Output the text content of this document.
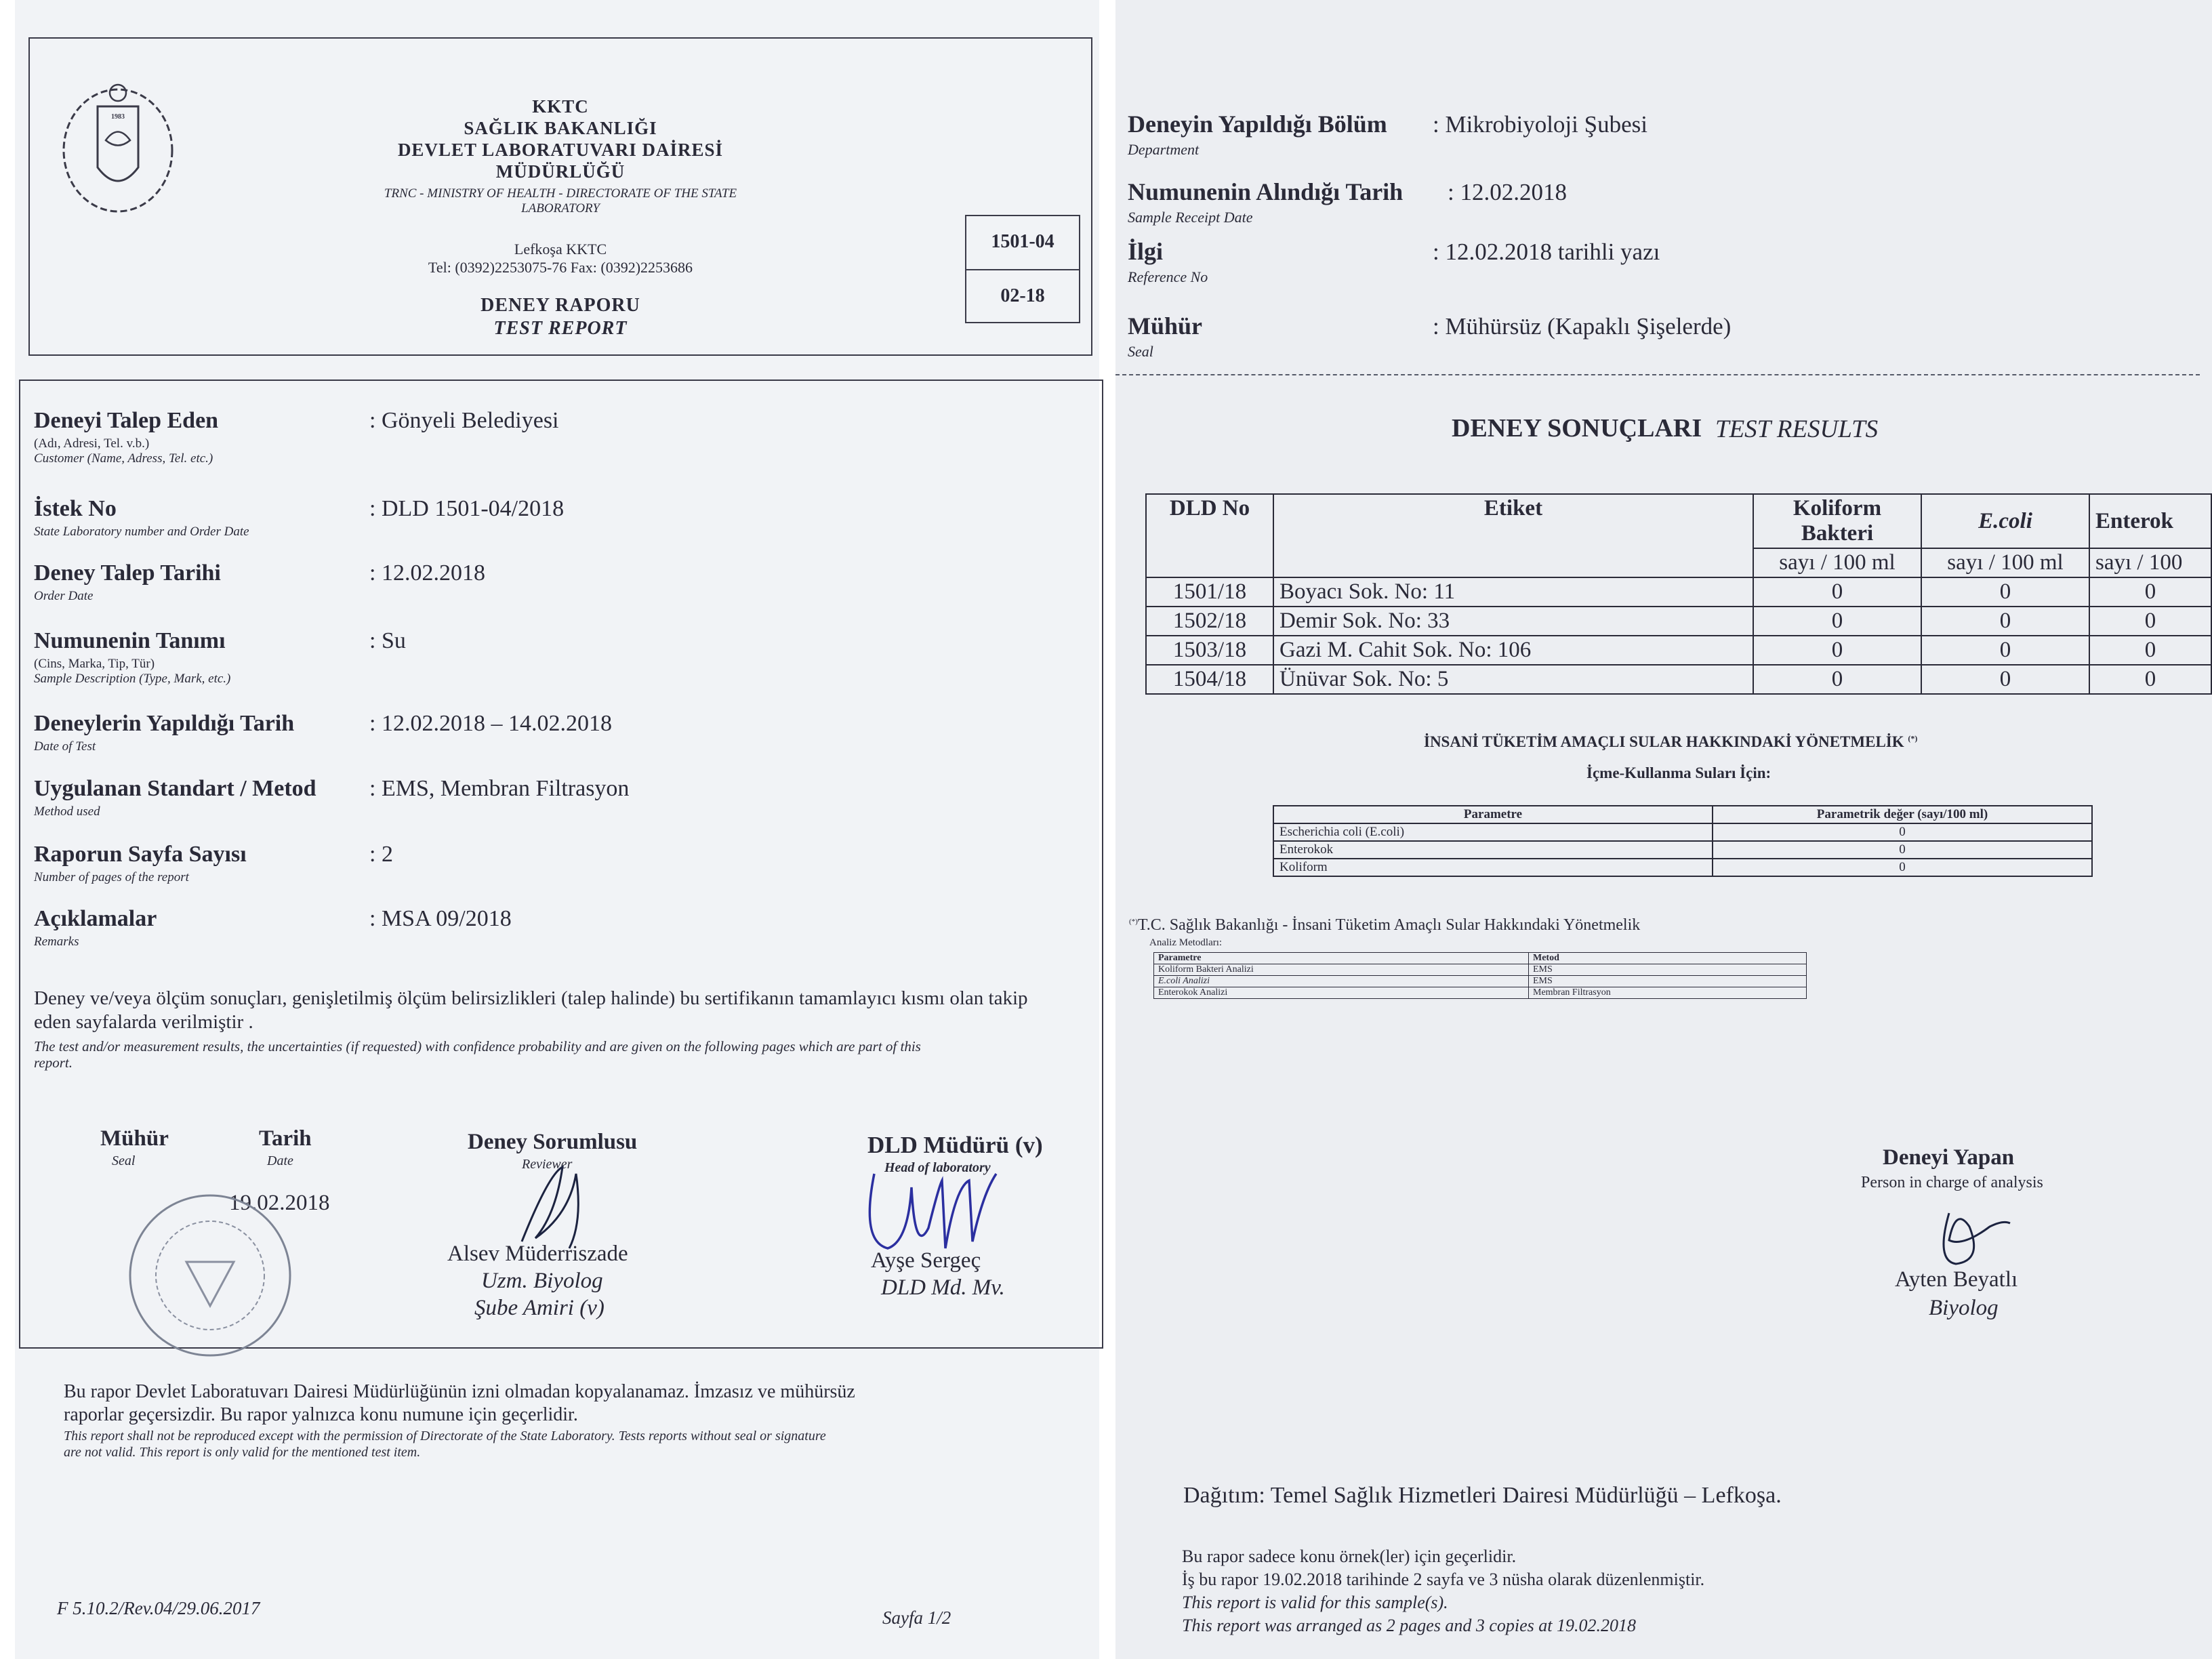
1983
KKTC
SAĞLIK BAKANLIĞI
DEVLET LABORATUVARI DAİRESİ
MÜDÜRLÜĞÜ
TRNC - MINISTRY OF HEALTH - DIRECTORATE OF THE STATE
LABORATORY
Lefkoşa KKTC
Tel: (0392)2253075-76 Fax: (0392)2253686
DENEY RAPORU
TEST REPORT
1501-04
02-18
Deneyi Talep Eden
(Adı, Adresi, Tel. v.b.)
Customer (Name, Adress, Tel. etc.)
: Gönyeli Belediyesi
İstek No
State Laboratory number and Order Date
: DLD 1501-04/2018
Deney Talep Tarihi
Order Date
: 12.02.2018
Numunenin Tanımı
(Cins, Marka, Tip, Tür)
Sample Description (Type, Mark, etc.)
: Su
Deneylerin Yapıldığı Tarih
Date of Test
: 12.02.2018 – 14.02.2018
Uygulanan Standart / Metod
Method used
: EMS, Membran Filtrasyon
Raporun Sayfa Sayısı
Number of pages of the report
: 2
Açıklamalar
Remarks
: MSA 09/2018
Deney ve/veya ölçüm sonuçları, genişletilmiş ölçüm belirsizlikleri (talep halinde) bu sertifikanın tamamlayıcı kısmı olan takip
eden sayfalarda verilmiştir .
The test and/or measurement results, the uncertainties (if requested) with confidence probability and are given on the following pages which are part of this
report.
Mühür
Seal
Tarih
Date
19.02.2018
Deney Sorumlusu
Reviewer
Alsev Müderriszade
Uzm. Biyolog
Şube Amiri (v)
DLD Müdürü (v)
Head of laboratory
Ayşe Sergeç
DLD Md. Mv.
Bu rapor Devlet Laboratuvarı Dairesi Müdürlüğünün izni olmadan kopyalanamaz. İmzasız ve mühürsüz
raporlar geçersizdir. Bu rapor yalnızca konu numune için geçerlidir.
This report shall not be reproduced except with the permission of Directorate of the State Laboratory. Tests reports without seal or signature
are not valid. This report is only valid for the mentioned test item.
F 5.10.2/Rev.04/29.06.2017	Sayfa 1/2
Deneyin Yapıldığı Bölüm
Department
: Mikrobiyoloji Şubesi
Numunenin Alındığı Tarih
Sample Receipt Date
: 12.02.2018
İlgi
Reference No
: 12.02.2018 tarihli yazı
Mühür
Seal
: Mühürsüz (Kapaklı Şişelerde)
DENEY SONUÇLARI TEST RESULTS
DLD No	Etiket	Koliform Bakteri	E.coli	Enterok
		sayı / 100 ml	sayı / 100 ml	sayı / 100
1501/18	Boyacı Sok. No: 11	0	0	0
1502/18	Demir Sok. No: 33	0	0	0
1503/18	Gazi M. Cahit Sok. No: 106	0	0	0
1504/18	Ünüvar Sok. No: 5	0	0	0
İNSANİ TÜKETİM AMAÇLI SULAR HAKKINDAKİ YÖNETMELİK (*)
İçme-Kullanma Suları İçin:
Parametre	Parametrik değer (sayı/100 ml)
Escherichia coli (E.coli)	0
Enterokok	0
Koliform	0
(*)T.C. Sağlık Bakanlığı - İnsani Tüketim Amaçlı Sular Hakkındaki Yönetmelik
Analiz Metodları:
Parametre	Metod
Koliform Bakteri Analizi	EMS
E.coli Analizi	EMS
Enterokok Analizi	Membran Filtrasyon
Deneyi Yapan
Person in charge of analysis
Ayten Beyatlı
Biyolog
Dağıtım: Temel Sağlık Hizmetleri Dairesi Müdürlüğü – Lefkoşa.
Bu rapor sadece konu örnek(ler) için geçerlidir.
İş bu rapor 19.02.2018 tarihinde 2 sayfa ve 3 nüsha olarak düzenlenmiştir.
This report is valid for this sample(s).
This report was arranged as 2 pages and 3 copies at 19.02.2018
